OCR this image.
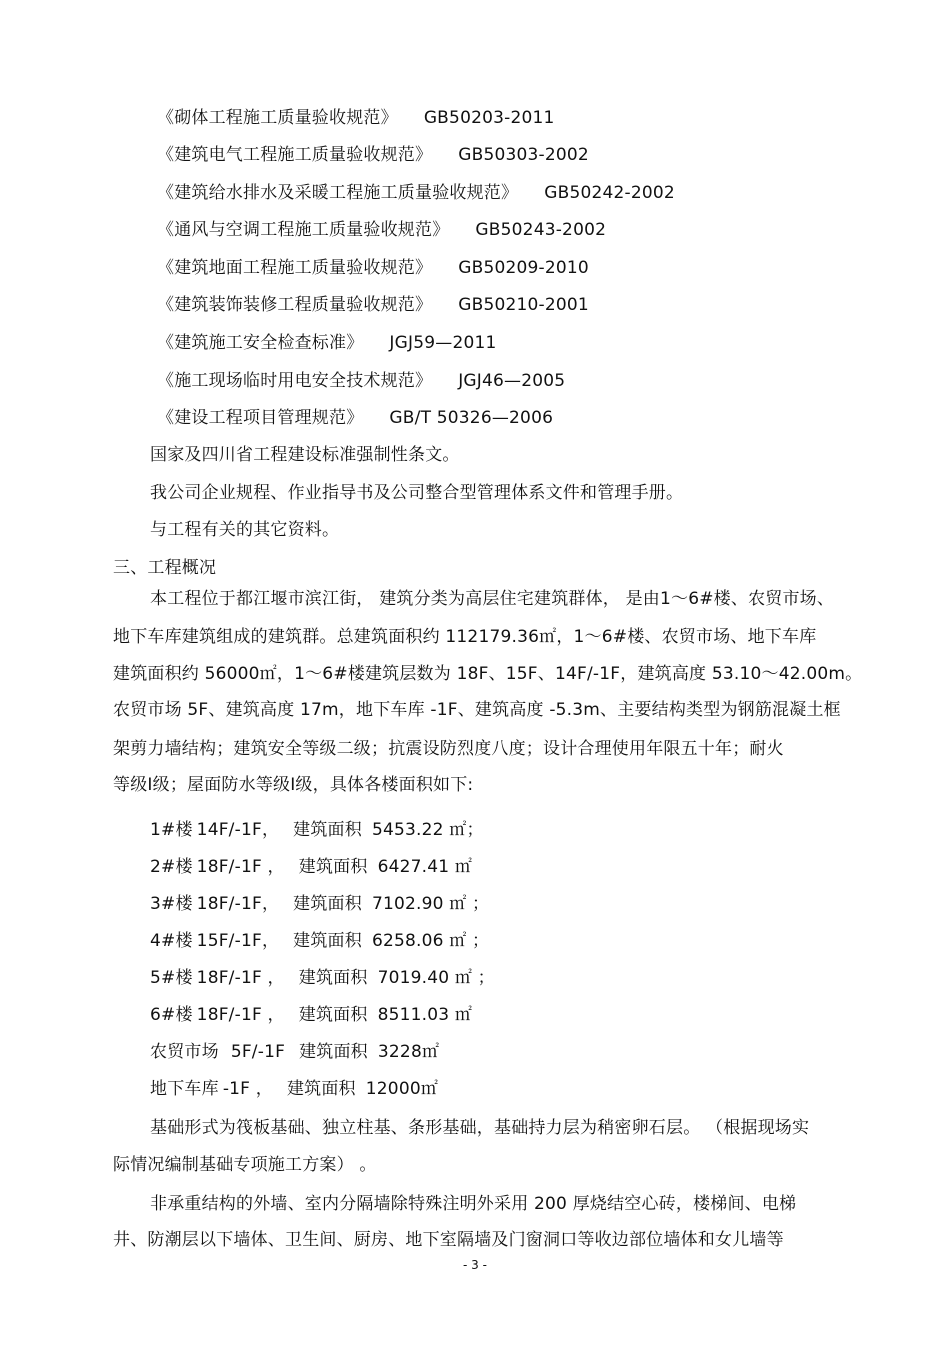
《砌体工程施工质量验收规范》 GB50203-2011
《建筑电气工程施工质量验收规范》 GB50303-2002
《建筑给水排水及采暖工程施工质量验收规范》 GB50242-2002
《通风与空调工程施工质量验收规范》 GB50243-2002
《建筑地面工程施工质量验收规范》 GB50209-2010
《建筑装饰装修工程质量验收规范》 GB50210-2001
《建筑施工安全检查标准》 JGJ59—2011
《施工现场临时用电安全技术规范》 JGJ46—2005
《建设工程项目管理规范》 GB/T 50326—2006
国家及四川省工程建设标准强制性条文。
我公司企业规程、作业指导书及公司整合型管理体系文件和管理手册。
与工程有关的其它资料。
三、工程概况
本工程位于都江堰市滨江街， 建筑分类为高层住宅建筑群体， 是由1～6#楼、农贸市场、
地下车库建筑组成的建筑群。总建筑面积约 112179.36㎡，1～6#楼、农贸市场、地下车库
建筑面积约 56000㎡，1～6#楼建筑层数为 18F、15F、14F/-1F，建筑高度 53.10～42.00m。
农贸市场 5F、建筑高度 17m，地下车库 -1F、建筑高度 -5.3m、主要结构类型为钢筋混凝土框
架剪力墙结构；建筑安全等级二级；抗震设防烈度八度；设计合理使用年限五十年；耐火
等级Ⅰ级；屋面防水等级Ⅰ级，具体各楼面积如下:
1#楼 14F/-1F， 建筑面积 5453.22 ㎡；
2#楼 18F/-1F ， 建筑面积 6427.41 ㎡
3#楼 18F/-1F， 建筑面积 7102.90 ㎡ ；
4#楼 15F/-1F， 建筑面积 6258.06 ㎡ ；
5#楼 18F/-1F ， 建筑面积 7019.40 ㎡ ；
6#楼 18F/-1F ， 建筑面积 8511.03 ㎡
农贸市场 5F/-1F 建筑面积 3228㎡
地下车库 -1F ， 建筑面积 12000㎡
基础形式为筏板基础、独立柱基、条形基础，基础持力层为稍密卵石层。 （根据现场实
际情况编制基础专项施工方案） 。
非承重结构的外墙、室内分隔墙除特殊注明外采用 200 厚烧结空心砖，楼梯间、电梯
井、防潮层以下墙体、卫生间、厨房、地下室隔墙及门窗洞口等收边部位墙体和女儿墙等
- 3 -
